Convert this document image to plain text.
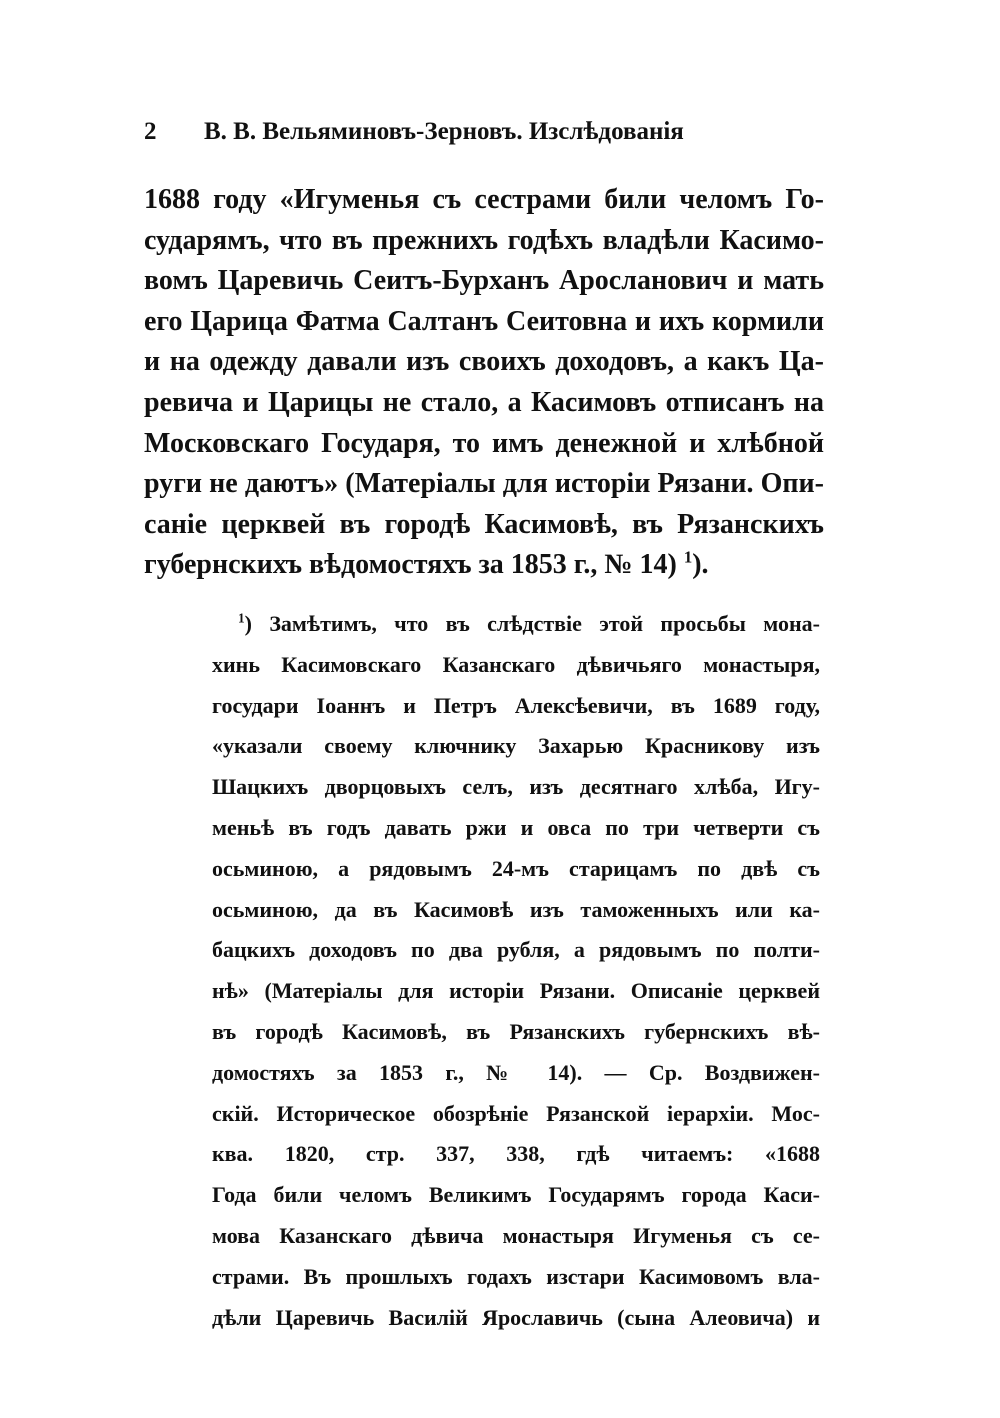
2 В. В. Вельяминовъ-Зерновъ. Изслѣдованія
1688 году «Игуменья съ сестрами били челомъ Го-
сударямъ, что въ прежнихъ годѣхъ владѣли Касимо-
вомъ Царевичь Сеитъ-Бурханъ Аросланович и мать
его Царица Фатма Салтанъ Сеитовна и ихъ кормили
и на одежду давали изъ своихъ доходовъ, а какъ Ца-
ревича и Царицы не стало, а Касимовъ отписанъ на
Московскаго Государя, то имъ денежной и хлѣбной
руги не даютъ» (Матеріалы для исторіи Рязани. Опи-
саніе церквей въ городѣ Касимовѣ, въ Рязанскихъ
губернскихъ вѣдомостяхъ за 1853 г., № 14) $^1$).
$^1$) Замѣтимъ, что въ слѣдствіе этой просьбы мона-
хинь Касимовскаго Казанскаго дѣвичьяго монастыря,
государи Іоаннъ и Петръ Алексѣевичи, въ 1689 году,
«указали своему ключнику Захарью Красникову изъ
Шацкихъ дворцовыхъ селъ, изъ десятнаго хлѣба, Игу-
меньѣ въ годъ давать ржи и овса по три четверти съ
осьминою, а рядовымъ 24-мъ старицамъ по двѣ съ
осьминою, да въ Касимовѣ изъ таможенныхъ или ка-
бацкихъ доходовъ по два рубля, а рядовымъ по полти-
нѣ» (Матеріалы для исторіи Рязани. Описаніе церквей
въ городѣ Касимовѣ, въ Рязанскихъ губернскихъ вѣ-
домостяхъ за 1853 г., № 14). — Ср. Воздвижен-
скій. Историческое обозрѣніе Рязанской іерархіи. Мос-
ква. 1820, стр. 337, 338, гдѣ читаемъ: «1688
Года били челомъ Великимъ Государямъ города Каси-
мова Казанскаго дѣвича монастыря Игуменья съ се-
страми. Въ прошлыхъ годахъ изстари Касимовомъ вла-
дѣли Царевичь Василій Ярославичь (сына Алеовича) и
